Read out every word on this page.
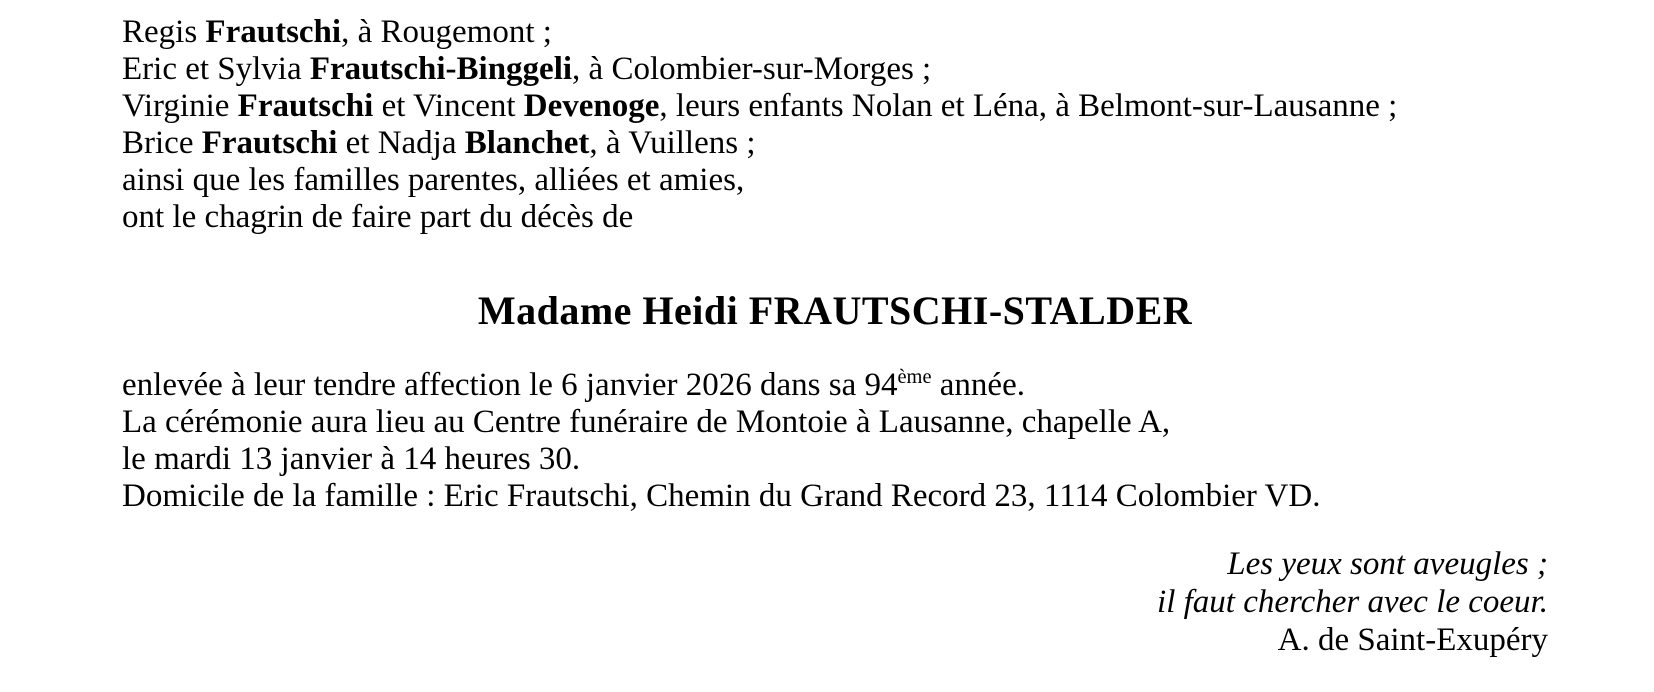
Regis Frautschi, à Rougemont ;

Eric et Sylvia Frautschi-Binggeli, à Colombier-sur-Morges ;

Virginie Frautschi et Vincent Devenoge, leurs enfants Nolan et Léna, à Belmont-sur-Lausanne ;

Brice Frautschi et Nadja Blanchet, à Vuillens ;

ainsi que les familles parentes, alliées et amies,

ont le chagrin de faire part du décès de

Madame Heidi FRAUTSCHI-STALDER

enlevée à leur tendre affection le 6 janvier 2026 dans sa 94ème année.

La cérémonie aura lieu au Centre funéraire de Montoie à Lausanne, chapelle A,

le mardi 13 janvier à 14 heures 30.

Domicile de la famille : Eric Frautschi, Chemin du Grand Record 23, 1114 Colombier VD.

Les yeux sont aveugles ;

il faut chercher avec le coeur.

A. de Saint-Exupéry
